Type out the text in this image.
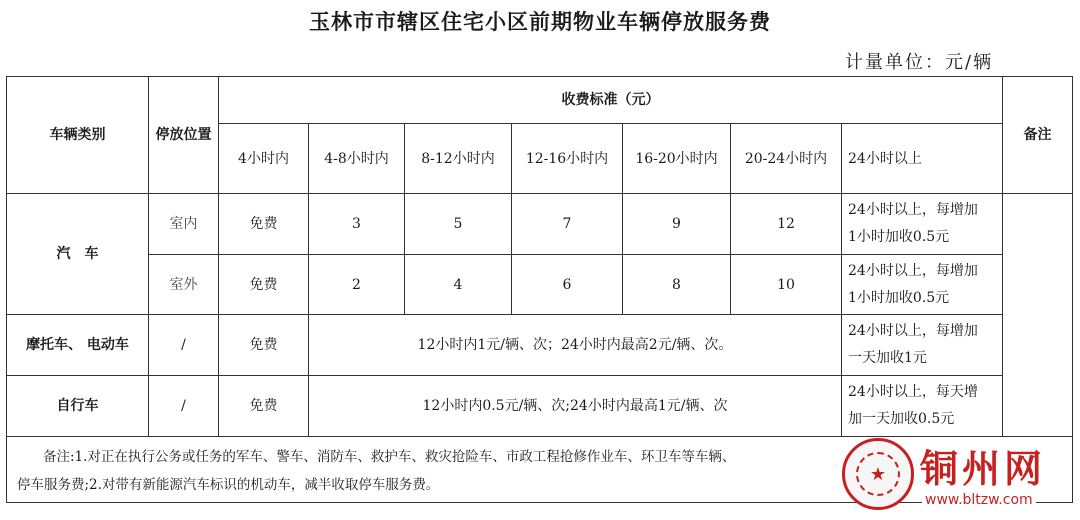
玉林市市辖区住宅小区前期物业车辆停放服务费
计量单位：元/辆
车辆类别	停放位置	收费标准（元）							备注
		4小时内	4-8小时内	8-12小时内	12-16小时内	16-20小时内	20-24小时内	24小时以上	
汽　车	室内	免费	3	5	7	9	12	24小时以上，每增加
1小时加收0.5元	

	室外	免费	2	4	6	8	10	24小时以上，每增加
1小时加收0.5元	

摩托车、 电动车	/	免费	12小时内1元/辆、次；24小时内最高2元/辆、次。					24小时以上，每增加
一天加收1元	

自行车	/	免费	12小时内0.5元/辆、次;24小时内最高1元/辆、次					24小时以上，每天增
加一天加收0.5元	

备注:1.对正在执行公务或任务的军车、警车、消防车、救护车、救灾抢险车、市政工程抢修作业车、环卫车等车辆、
停车服务费;2.对带有新能源汽车标识的机动车，减半收取停车服务费。										★ 铜州网
www.bltzw.com
